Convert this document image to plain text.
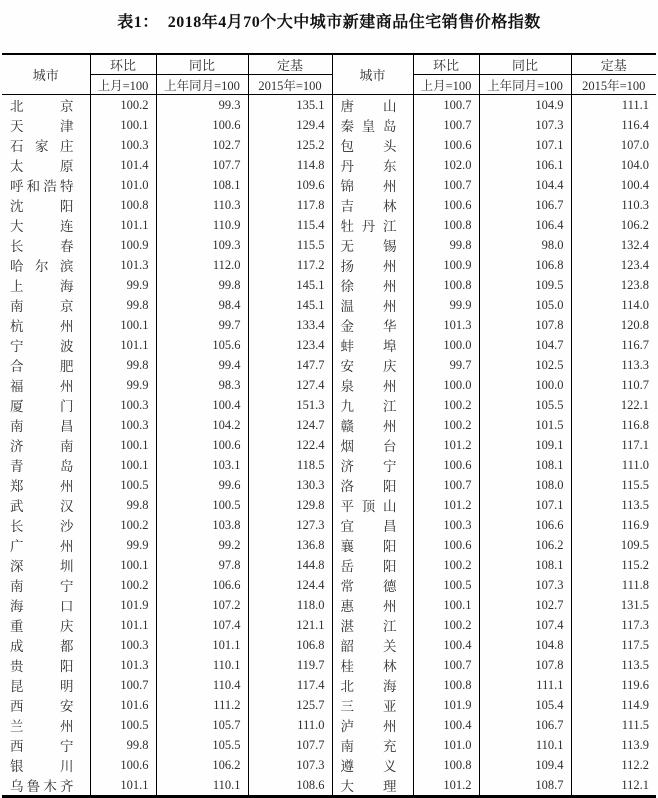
表1：  2018年4月70个大中城市新建商品住宅销售价格指数
城市	环比	同比	定基	城市	环比	同比	定基
	上月=100	上年同月=100	2015年=100		上月=100	上年同月=100	2015年=100

北京	100.2	99.3	135.1	唐山	100.7	104.9	111.1

天津	100.1	100.6	129.4	秦皇岛	100.7	107.3	116.4

石家庄	100.3	102.7	125.2	包头	100.6	107.1	107.0

太原	101.4	107.7	114.8	丹东	102.0	106.1	104.0

呼和浩特	101.0	108.1	109.6	锦州	100.7	104.4	100.4

沈阳	100.8	110.3	117.8	吉林	100.6	106.7	110.3

大连	101.1	110.9	115.4	牡丹江	100.8	106.4	106.2

长春	100.9	109.3	115.5	无锡	99.8	98.0	132.4

哈尔滨	101.3	112.0	117.2	扬州	100.9	106.8	123.4

上海	99.9	99.8	145.1	徐州	100.8	109.5	123.8

南京	99.8	98.4	145.1	温州	99.9	105.0	114.0

杭州	100.1	99.7	133.4	金华	101.3	107.8	120.8

宁波	101.1	105.6	123.4	蚌埠	100.0	104.7	116.7

合肥	99.8	99.4	147.7	安庆	99.7	102.5	113.3

福州	99.9	98.3	127.4	泉州	100.0	100.0	110.7

厦门	100.3	100.4	151.3	九江	100.2	105.5	122.1

南昌	100.3	104.2	124.7	赣州	100.2	101.5	116.8

济南	100.1	100.6	122.4	烟台	101.2	109.1	117.1

青岛	100.1	103.1	118.5	济宁	100.6	108.1	111.0

郑州	100.5	99.6	130.3	洛阳	100.7	108.0	115.5

武汉	99.8	100.5	129.8	平顶山	101.2	107.1	113.5

长沙	100.2	103.8	127.3	宜昌	100.3	106.6	116.9

广州	99.9	99.2	136.8	襄阳	100.6	106.2	109.5

深圳	100.1	97.8	144.8	岳阳	100.2	108.1	115.2

南宁	100.2	106.6	124.4	常德	100.5	107.3	111.8

海口	101.9	107.2	118.0	惠州	100.1	102.7	131.5

重庆	101.1	107.4	121.1	湛江	100.2	107.4	117.3

成都	100.3	101.1	106.8	韶关	100.4	104.8	117.5

贵阳	101.3	110.1	119.7	桂林	100.7	107.8	113.5

昆明	100.7	110.4	117.4	北海	100.8	111.1	119.6

西安	101.6	111.2	125.7	三亚	101.9	105.4	114.9

兰州	100.5	105.7	111.0	泸州	100.4	106.7	111.5

西宁	99.8	105.5	107.7	南充	101.0	110.1	113.9

银川	100.6	106.2	107.3	遵义	100.8	109.4	112.2

乌鲁木齐	101.1	110.1	108.6	大理	101.2	108.7	112.1
